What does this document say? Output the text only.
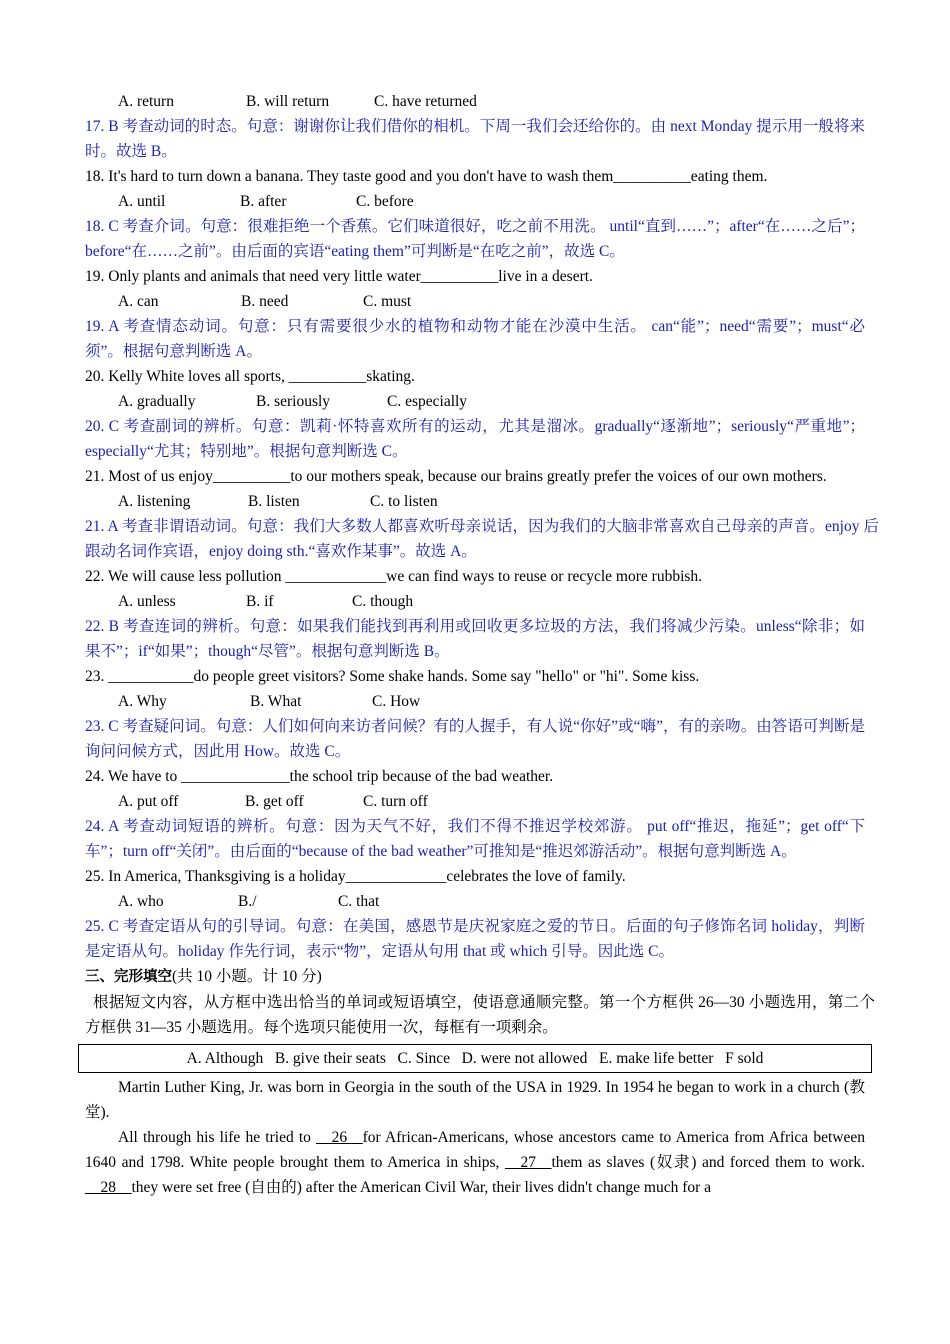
A. return	B. will return	C. have returned

17. B 考查动词的时态。句意：谢谢你让我们借你的相机。下周一我们会还给你的。由 next Monday 提示用一般将来时。故选 B。

18. It's hard to turn down a banana. They taste good and you don't have to wash them__________eating them.

A. until	B. after	C. before

18. C 考查介词。句意：很难拒绝一个香蕉。它们味道很好，吃之前不用洗。 until“直到……”；after“在……之后”；before“在……之前”。由后面的宾语“eating them”可判断是“在吃之前”，故选 C。

19. Only plants and animals that need very little water__________live in a desert.

A. can	B. need	C. must

19. A 考查情态动词。句意：只有需要很少水的植物和动物才能在沙漠中生活。 can“能”；need“需要”；must“必须”。根据句意判断选 A。

20. Kelly White loves all sports, __________skating.

A. gradually	B. seriously	C. especially

20. C 考查副词的辨析。句意：凯莉·怀特喜欢所有的运动，尤其是溜冰。gradually“逐渐地”；seriously“严重地”；especially“尤其；特别地”。根据句意判断选 C。

21. Most of us enjoy__________to our mothers speak, because our brains greatly prefer the voices of our own mothers.

A. listening	B. listen	C. to listen

21. A 考查非谓语动词。句意：我们大多数人都喜欢听母亲说话，因为我们的大脑非常喜欢自己母亲的声音。enjoy 后跟动名词作宾语，enjoy doing sth.“喜欢作某事”。故选 A。

22. We will cause less pollution _____________we can find ways to reuse or recycle more rubbish.

A. unless	B. if	C. though

22. B 考查连词的辨析。句意：如果我们能找到再利用或回收更多垃圾的方法，我们将减少污染。unless“除非；如果不”；if“如果”；though“尽管”。根据句意判断选 B。

23. ___________do people greet visitors? Some shake hands. Some say "hello" or "hi". Some kiss.

A. Why	B. What	C. How

23. C 考查疑问词。句意：人们如何向来访者问候？有的人握手，有人说“你好”或“嗨”，有的亲吻。由答语可判断是询问问候方式，因此用 How。故选 C。

24. We have to ______________the school trip because of the bad weather.

A. put off	B. get off	C. turn off

24. A 考查动词短语的辨析。句意：因为天气不好，我们不得不推迟学校郊游。 put off“推迟，拖延”；get off“下车”；turn off“关闭”。由后面的“because of the bad weather”可推知是“推迟郊游活动”。根据句意判断选 A。

25. In America, Thanksgiving is a holiday_____________celebrates the love of family.

A. who	B./	C. that

25. C 考查定语从句的引导词。句意：在美国，感恩节是庆祝家庭之爱的节日。后面的句子修饰名词 holiday，判断是定语从句。holiday 作先行词，表示“物”，定语从句用 that 或 which 引导。因此选 C。

三、完形填空(共 10 小题。计 10 分)

根据短文内容，从方框中选出恰当的单词或短语填空，使语意通顺完整。第一个方框供 26—30 小题选用，第二个方框供 31—35 小题选用。每个选项只能使用一次，每框有一项剩余。

A. Although   B. give their seats   C. Since   D. were not allowed   E. make life better   F sold

Martin Luther King, Jr. was born in Georgia in the south of the USA in 1929. In 1954 he began to work in a church (教堂).

All through his life he tried to __26__for African-Americans, whose ancestors came to America from Africa between 1640 and 1798. White people brought them to America in ships, __27__them as slaves (奴隶) and forced them to work. __28__they were set free (自由的) after the American Civil War, their lives didn't change much for a
